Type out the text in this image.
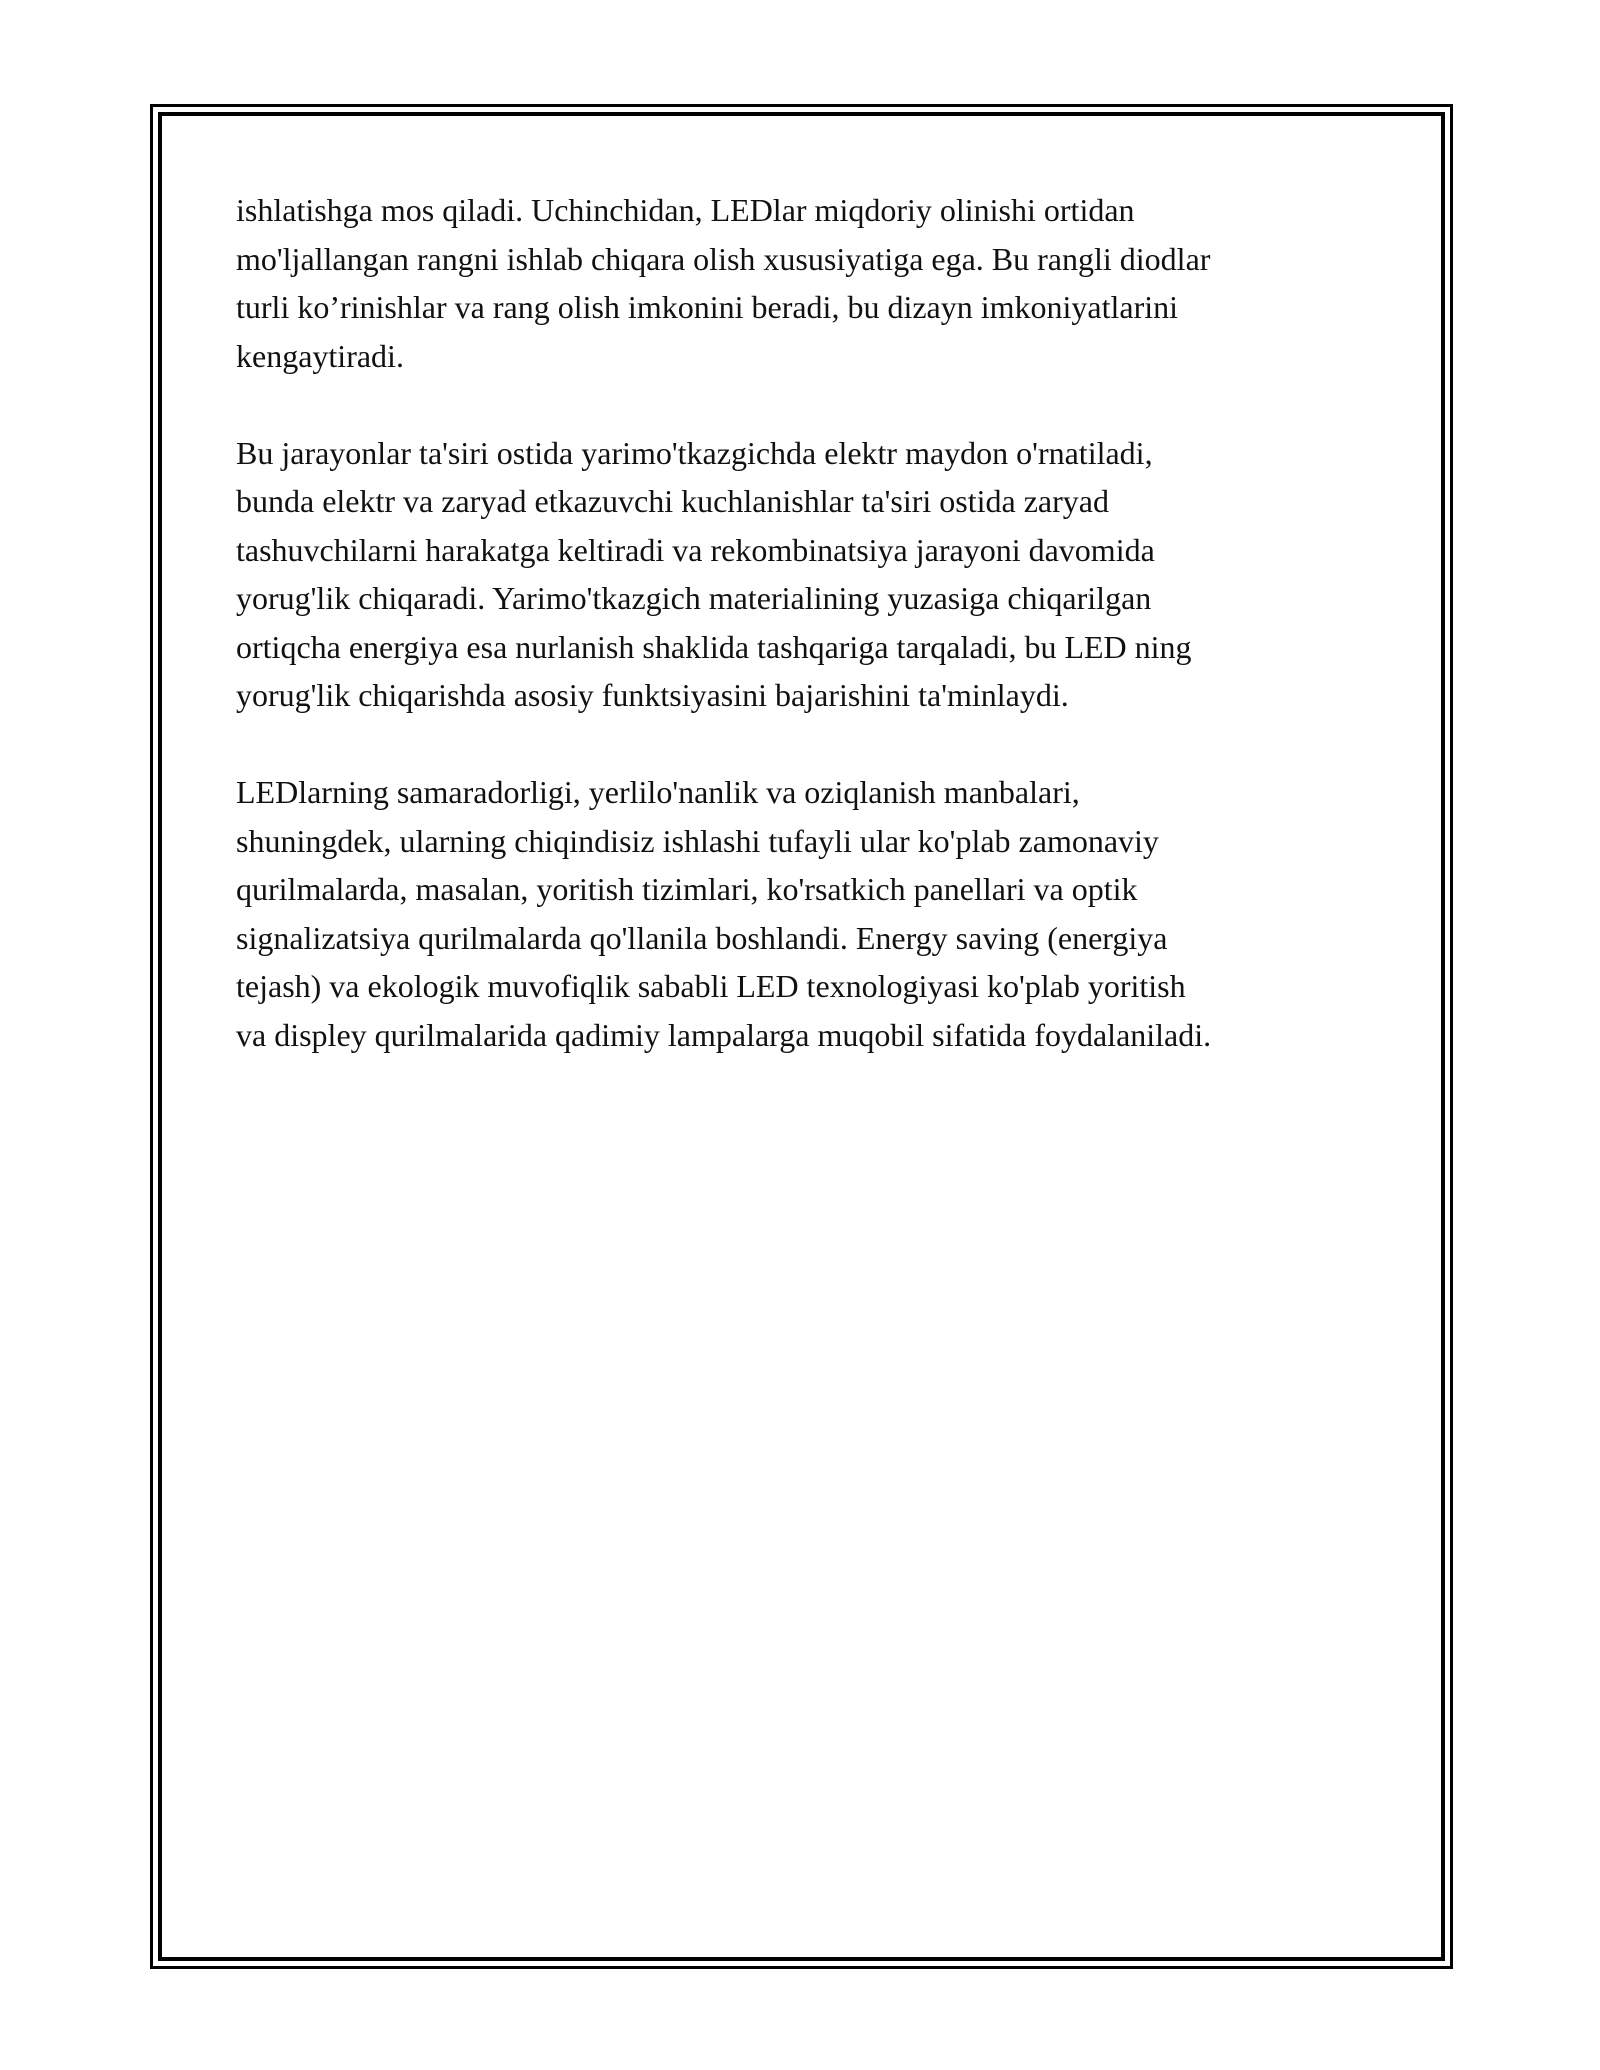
ishlatishga mos qiladi. Uchinchidan, LEDlar miqdoriy olinishi ortidan
mo'ljallangan rangni ishlab chiqara olish xususiyatiga ega. Bu rangli diodlar
turli ko’rinishlar va rang olish imkonini beradi, bu dizayn imkoniyatlarini
kengaytiradi.

Bu jarayonlar ta'siri ostida yarimo'tkazgichda elektr maydon o'rnatiladi,
bunda elektr va zaryad etkazuvchi kuchlanishlar ta'siri ostida zaryad
tashuvchilarni harakatga keltiradi va rekombinatsiya jarayoni davomida
yorug'lik chiqaradi. Yarimo'tkazgich materialining yuzasiga chiqarilgan
ortiqcha energiya esa nurlanish shaklida tashqariga tarqaladi, bu LED ning
yorug'lik chiqarishda asosiy funktsiyasini bajarishini ta'minlaydi.

LEDlarning samaradorligi, yerlilo'nanlik va oziqlanish manbalari,
shuningdek, ularning chiqindisiz ishlashi tufayli ular ko'plab zamonaviy
qurilmalarda, masalan, yoritish tizimlari, ko'rsatkich panellari va optik
signalizatsiya qurilmalarda qo'llanila boshlandi. Energy saving (energiya
tejash) va ekologik muvofiqlik sababli LED texnologiyasi ko'plab yoritish
va displey qurilmalarida qadimiy lampalarga muqobil sifatida foydalaniladi.
